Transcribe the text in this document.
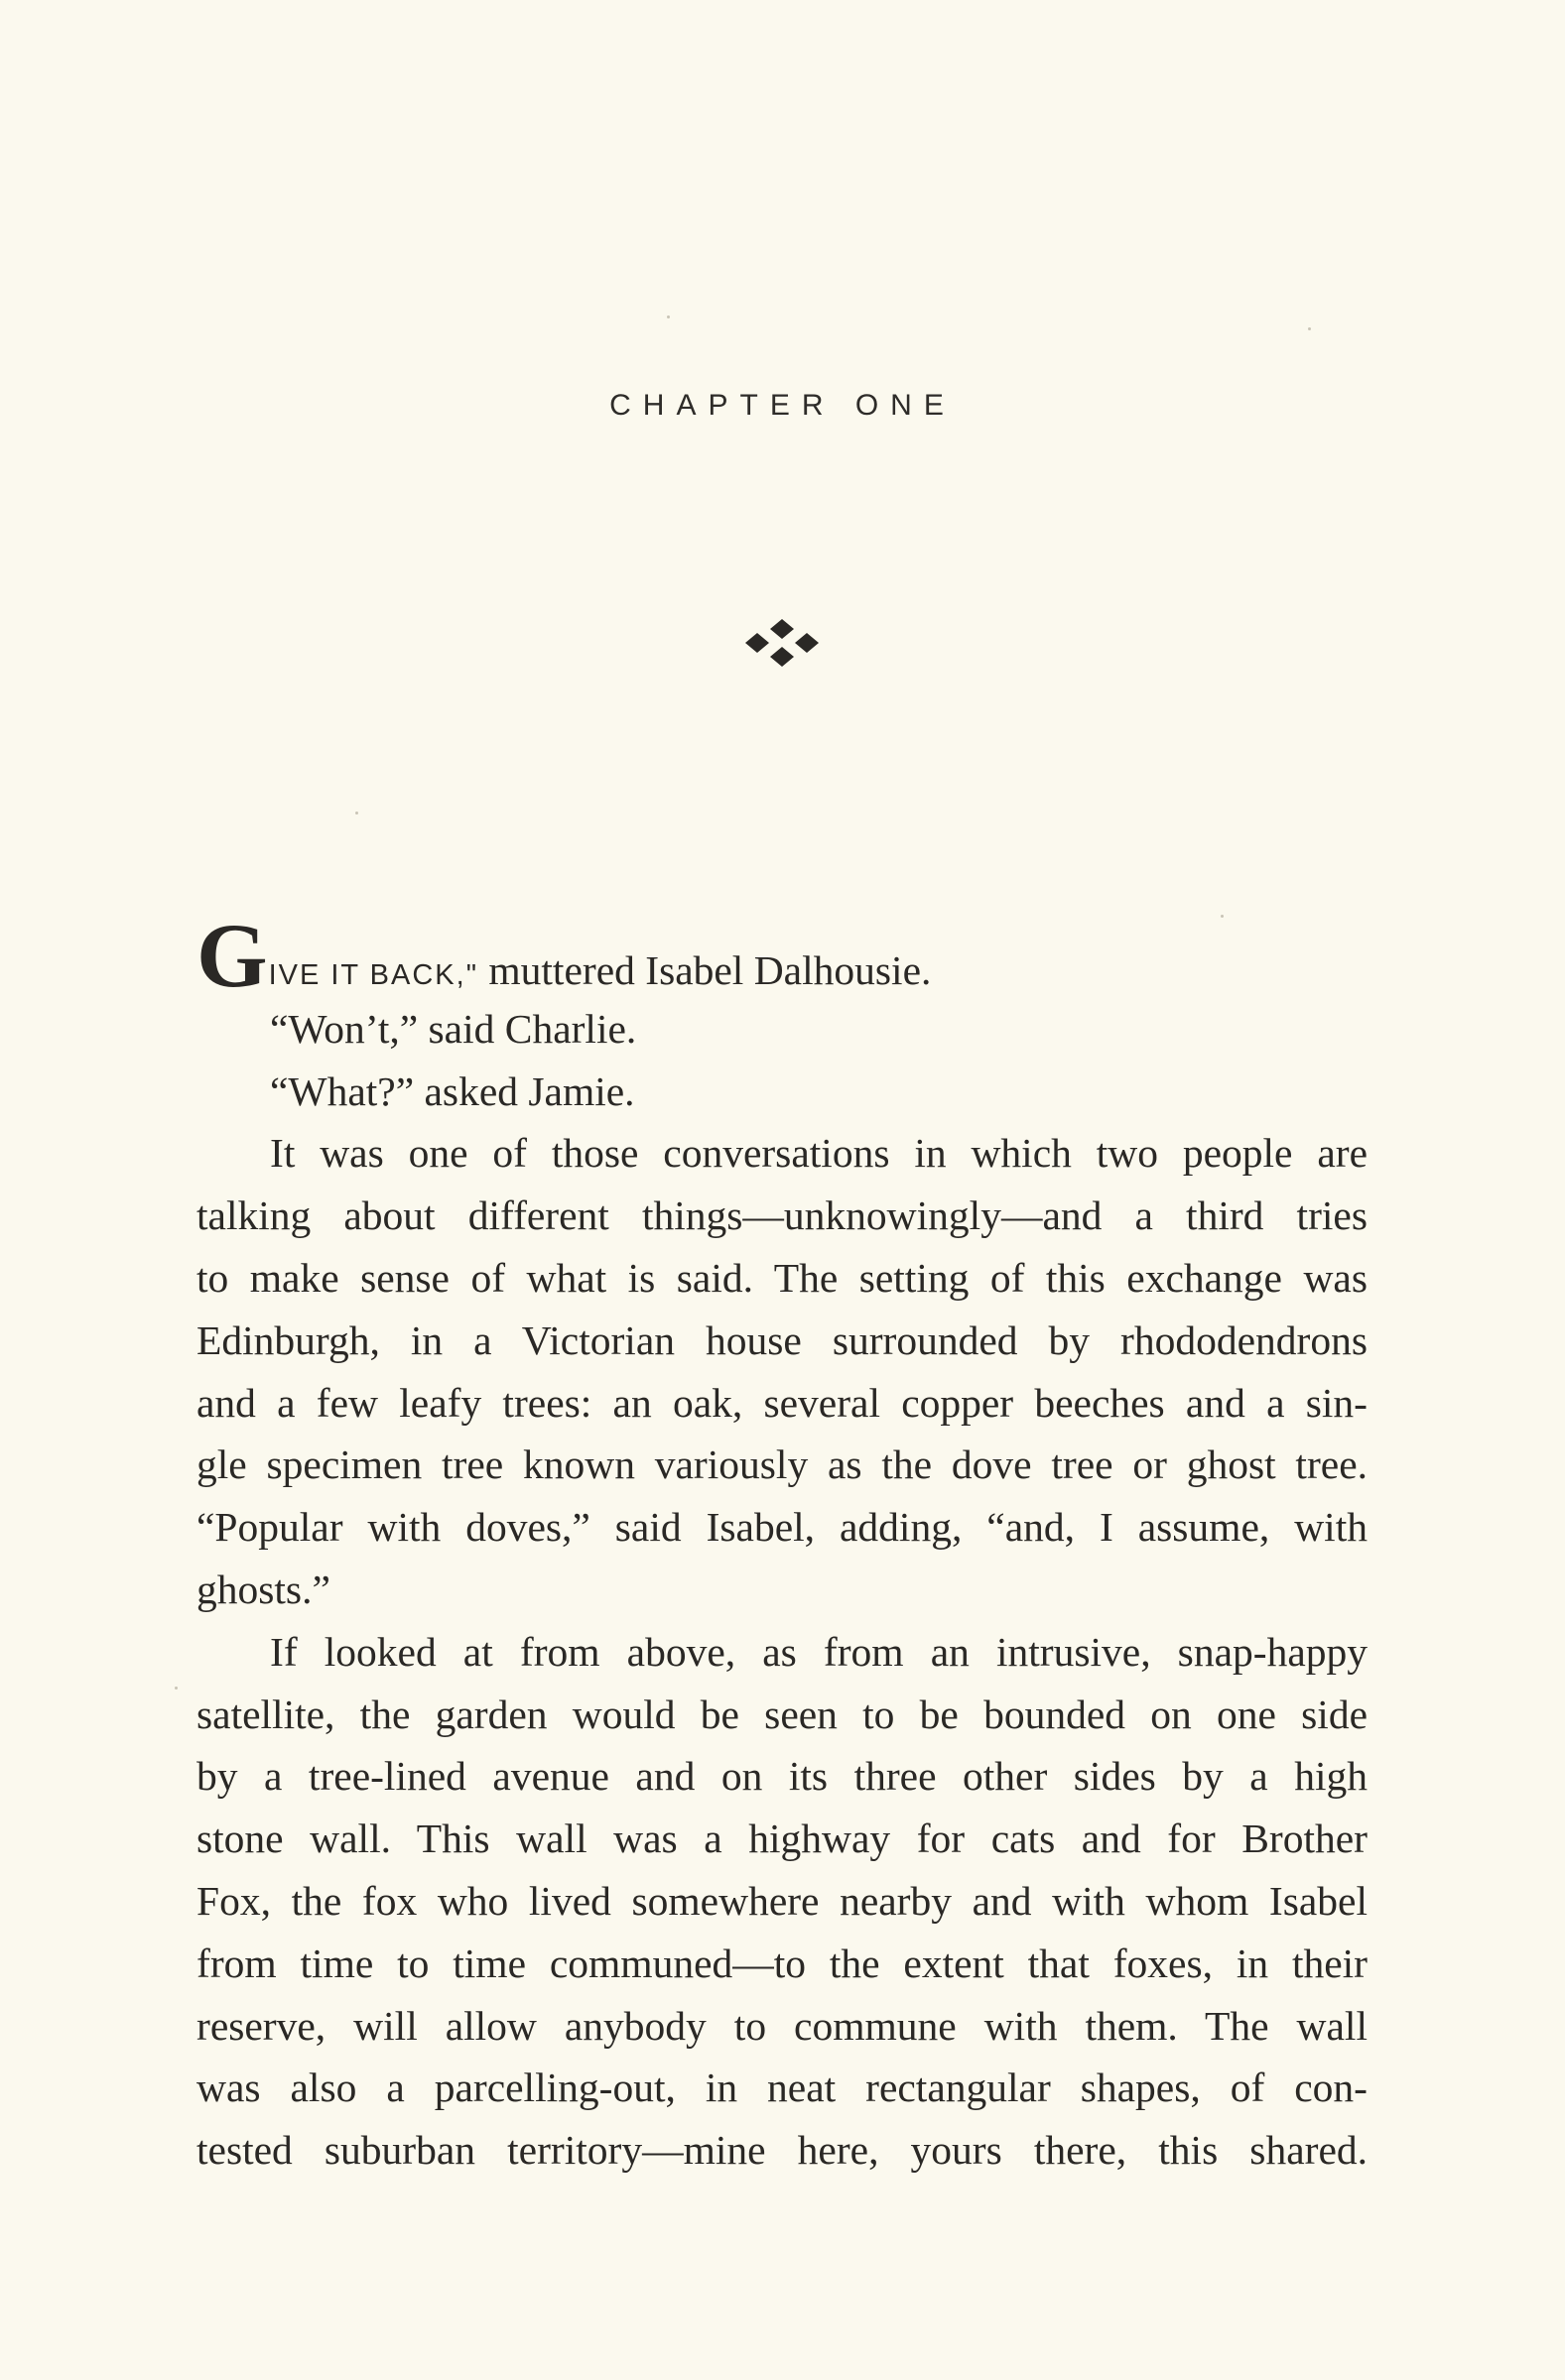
CHAPTER ONE
GIVE IT BACK," muttered Isabel Dalhousie.
“Won’t,” said Charlie.
“What?” asked Jamie.
It was one of those conversations in which two people are
talking about different things—unknowingly—and a third tries
to make sense of what is said. The setting of this exchange was
Edinburgh, in a Victorian house surrounded by rhododendrons
and a few leafy trees: an oak, several copper beeches and a sin-
gle specimen tree known variously as the dove tree or ghost tree.
“Popular with doves,” said Isabel, adding, “and, I assume, with
ghosts.”
If looked at from above, as from an intrusive, snap-happy
satellite, the garden would be seen to be bounded on one side
by a tree-lined avenue and on its three other sides by a high
stone wall. This wall was a highway for cats and for Brother
Fox, the fox who lived somewhere nearby and with whom Isabel
from time to time communed—to the extent that foxes, in their
reserve, will allow anybody to commune with them. The wall
was also a parcelling-out, in neat rectangular shapes, of con-
tested suburban territory—mine here, yours there, this shared.
